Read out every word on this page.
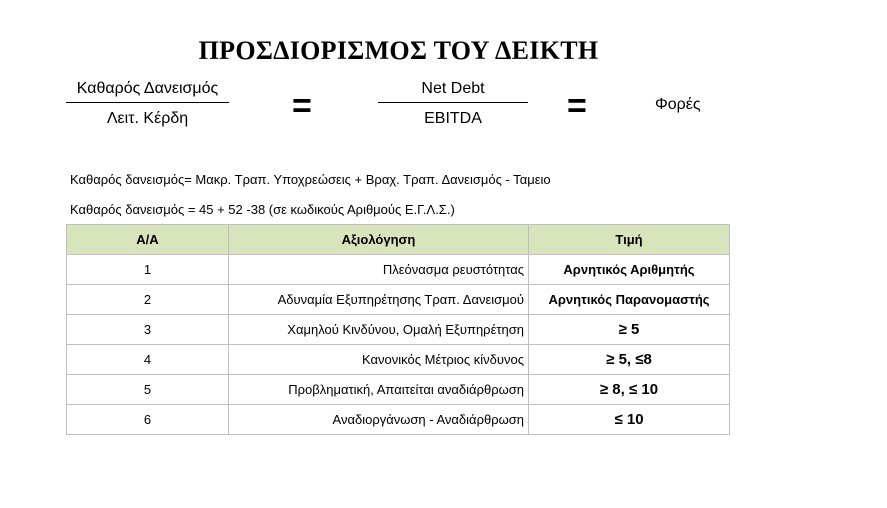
ΠΡΟΣΔΙΟΡΙΣΜΟΣ ΤΟΥ ΔΕΙΚΤΗ
Καθαρός Δανεισμός
Λειτ. Κέρδη	=	Net Debt
EBITDA	=	Φορές
Καθαρός δανεισμός= Μακρ. Τραπ. Υποχρεώσεις + Βραχ. Τραπ. Δανεισμός - Ταμειο
Καθαρός δανεισμός = 45 + 52 -38 (σε κωδικούς Αριθμούς Ε.Γ.Λ.Σ.)
Α/Α	Αξιολόγηση	Τιμή
1	Πλεόνασμα ρευστότητας	Αρνητικός Αριθμητής
2	Αδυναμία Εξυπηρέτησης Τραπ. Δανεισμού	Αρνητικός Παρανομαστής
3	Χαμηλού Κινδύνου, Ομαλή Εξυπηρέτηση	≥ 5
4	Κανονικός Μέτριος κίνδυνος	≥ 5, ≤8
5	Προβληματική, Απαιτείται αναδιάρθρωση	≥ 8, ≤ 10
6	Αναδιοργάνωση - Αναδιάρθρωση	≤ 10
